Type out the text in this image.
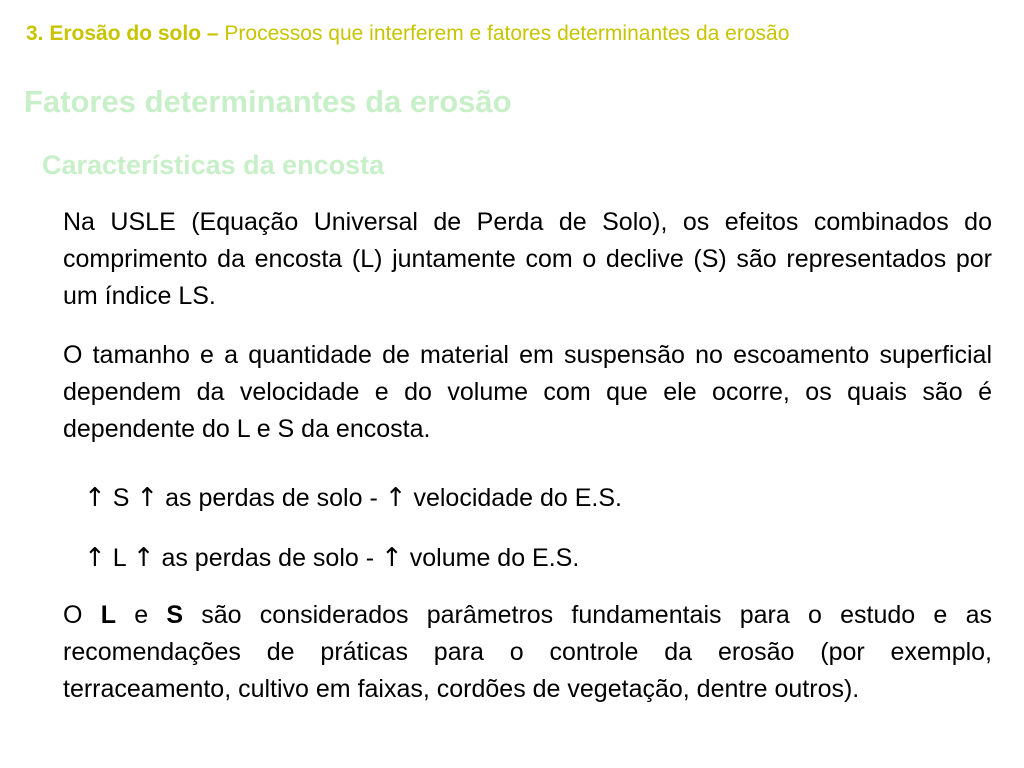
3. Erosão do solo – Processos que interferem e fatores determinantes da erosão
Fatores determinantes da erosão
Características da encosta

Na USLE (Equação Universal de Perda de Solo), os efeitos combinados do comprimento da encosta (L) juntamente com o declive (S) são representados por um índice LS.

O tamanho e a quantidade de material em suspensão no escoamento superficial dependem da velocidade e do volume com que ele ocorre, os quais são é dependente do L e S da encosta.

↑ S ↑ as perdas de solo - ↑ velocidade do E.S.
↑ L ↑ as perdas de solo - ↑ volume do E.S.

O L e S são considerados parâmetros fundamentais para o estudo e as recomendações de práticas para o controle da erosão (por exemplo, terraceamento, cultivo em faixas, cordões de vegetação, dentre outros).
